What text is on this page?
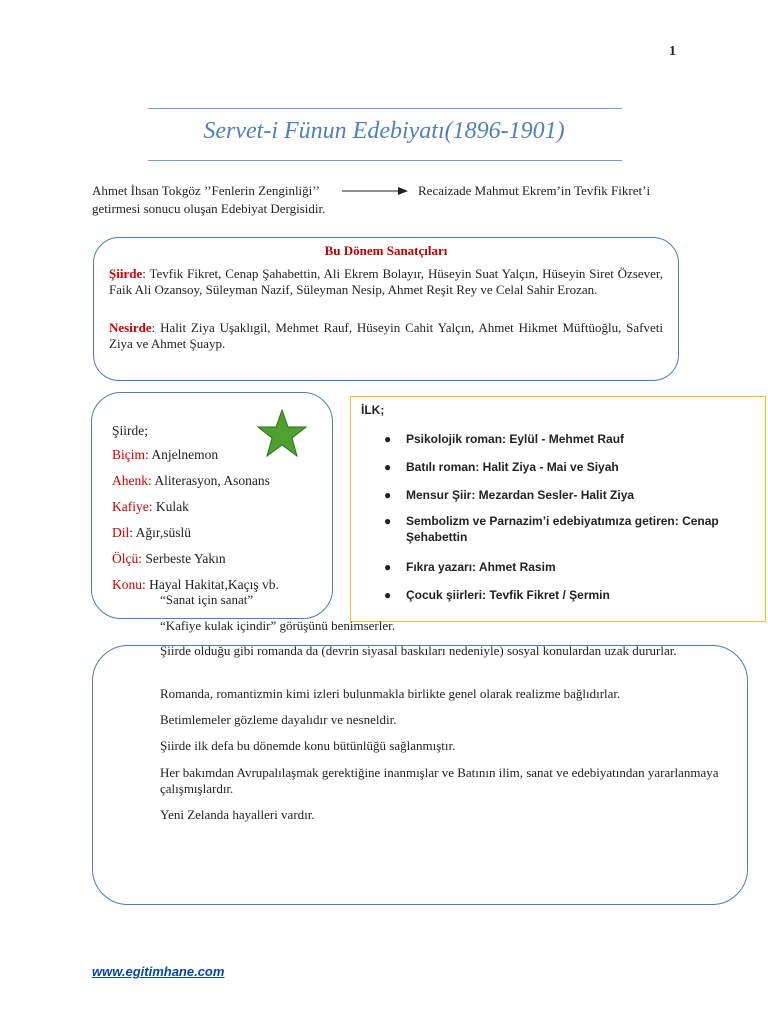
1
Servet-i Fünun Edebiyatı(1896-1901)
Ahmet İhsan Tokgöz ’’Fenlerin Zenginliği’’	Recaizade Mahmut Ekrem’in Tevfik Fikret’i
getirmesi sonucu oluşan Edebiyat Dergisidir.
Bu Dönem Sanatçıları
Şiirde: Tevfik Fikret, Cenap Şahabettin, Ali Ekrem Bolayır, Hüseyin Suat Yalçın, Hüseyin Siret Özsever, Faik Ali Ozansoy, Süleyman Nazif, Süleyman Nesip, Ahmet Reşit Rey ve Celal Sahir Erozan.
Nesirde: Halit Ziya Uşaklıgil, Mehmet Rauf, Hüseyin Cahit Yalçın, Ahmet Hikmet Müftüoğlu, Safveti Ziya ve Ahmet Şuayp.
Şiirde;
Biçim: Anjelnemon
Ahenk: Aliterasyon, Asonans
Kafiye: Kulak
Dil: Ağır,süslü
Ölçü: Serbeste Yakın
Konu: Hayal Hakitat,Kaçış vb.
İLK;
● Psikolojik roman: Eylül - Mehmet Rauf
● Batılı roman: Halit Ziya - Mai ve Siyah
● Mensur Şiir: Mezardan Sesler- Halit Ziya
● Sembolizm ve Parnazim’i edebiyatımıza getiren: Cenap Şehabettin
● Fıkra yazarı: Ahmet Rasim
● Çocuk şiirleri: Tevfik Fikret / Şermin
“Sanat için sanat”
“Kafiye kulak içindir” görüşünü benimserler.
Şiirde olduğu gibi romanda da (devrin siyasal baskıları nedeniyle) sosyal konulardan uzak dururlar.
Romanda, romantizmin kimi izleri bulunmakla birlikte genel olarak realizme bağlıdırlar.
Betimlemeler gözleme dayalıdır ve nesneldir.
Şiirde ilk defa bu dönemde konu bütünlüğü sağlanmıştır.
Her bakımdan Avrupalılaşmak gerektiğine inanmışlar ve Batının ilim, sanat ve edebiyatından yararlanmaya çalışmışlardır.
Yeni Zelanda hayalleri vardır.
www.egitimhane.com
